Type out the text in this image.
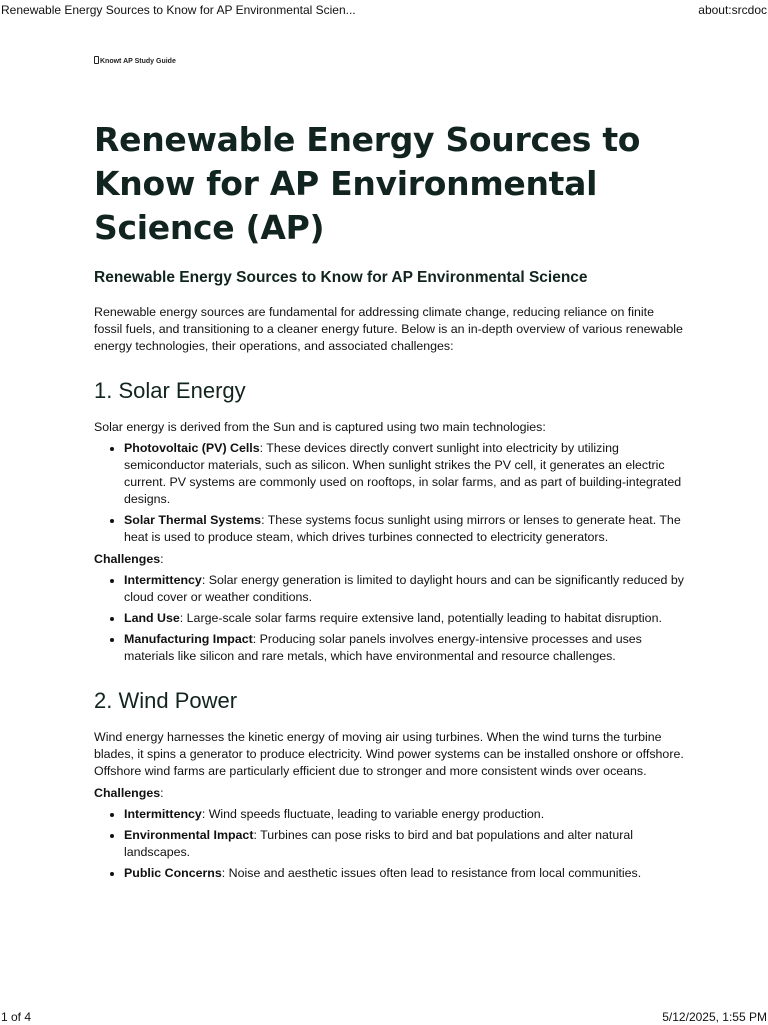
Renewable Energy Sources to Know for AP Environmental Scien...	about:srcdoc
Knowt AP Study Guide
Renewable Energy Sources to Know for AP Environmental Science (AP)
Renewable Energy Sources to Know for AP Environmental Science

Renewable energy sources are fundamental for addressing climate change, reducing reliance on finite fossil fuels, and transitioning to a cleaner energy future. Below is an in-depth overview of various renewable energy technologies, their operations, and associated challenges:

1. Solar Energy

Solar energy is derived from the Sun and is captured using two main technologies:

• Photovoltaic (PV) Cells: These devices directly convert sunlight into electricity by utilizing semiconductor materials, such as silicon. When sunlight strikes the PV cell, it generates an electric current. PV systems are commonly used on rooftops, in solar farms, and as part of building-integrated designs.
• Solar Thermal Systems: These systems focus sunlight using mirrors or lenses to generate heat. The heat is used to produce steam, which drives turbines connected to electricity generators.

Challenges:

• Intermittency: Solar energy generation is limited to daylight hours and can be significantly reduced by cloud cover or weather conditions.
• Land Use: Large-scale solar farms require extensive land, potentially leading to habitat disruption.
• Manufacturing Impact: Producing solar panels involves energy-intensive processes and uses materials like silicon and rare metals, which have environmental and resource challenges.
2. Wind Power

Wind energy harnesses the kinetic energy of moving air using turbines. When the wind turns the turbine blades, it spins a generator to produce electricity. Wind power systems can be installed onshore or offshore. Offshore wind farms are particularly efficient due to stronger and more consistent winds over oceans.

Challenges:

• Intermittency: Wind speeds fluctuate, leading to variable energy production.
• Environmental Impact: Turbines can pose risks to bird and bat populations and alter natural landscapes.
• Public Concerns: Noise and aesthetic issues often lead to resistance from local communities.
1 of 4	5/12/2025, 1:55 PM
